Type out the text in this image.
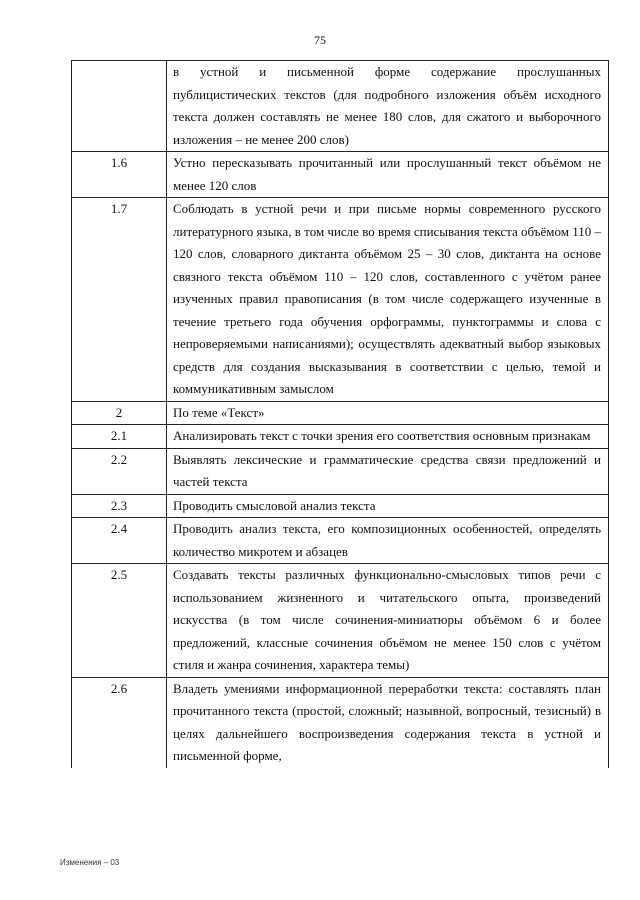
75
	в устной и письменной форме содержание прослушанных публицистических текстов (для подробного изложения объём исходного текста должен составлять не менее 180 слов, для сжатого и выборочного изложения – не менее 200 слов)
1.6	Устно пересказывать прочитанный или прослушанный текст объёмом не менее 120 слов
1.7	Соблюдать в устной речи и при письме нормы современного русского литературного языка, в том числе во время списывания текста объёмом 110 – 120 слов, словарного диктанта объёмом 25 – 30 слов, диктанта на основе связного текста объёмом 110 – 120 слов, составленного с учётом ранее изученных правил правописания (в том числе содержащего изученные в течение третьего года обучения орфограммы, пунктограммы и слова с непроверяемыми написаниями); осуществлять адекватный выбор языковых средств для создания высказывания в соответствии с целью, темой и коммуникативным замыслом
2	По теме «Текст»
2.1	Анализировать текст с точки зрения его соответствия основным признакам
2.2	Выявлять лексические и грамматические средства связи предложений и частей текста
2.3	Проводить смысловой анализ текста
2.4	Проводить анализ текста, его композиционных особенностей, определять количество микротем и абзацев
2.5	Создавать тексты различных функционально-смысловых типов речи с использованием жизненного и читательского опыта, произведений искусства (в том числе сочинения-миниатюры объёмом 6 и более предложений, классные сочинения объёмом не менее 150 слов с учётом стиля и жанра сочинения, характера темы)
2.6	Владеть умениями информационной переработки текста: составлять план прочитанного текста (простой, сложный; назывной, вопросный, тезисный) в целях дальнейшего воспроизведения содержания текста в устной и письменной форме,
Изменения – 03
